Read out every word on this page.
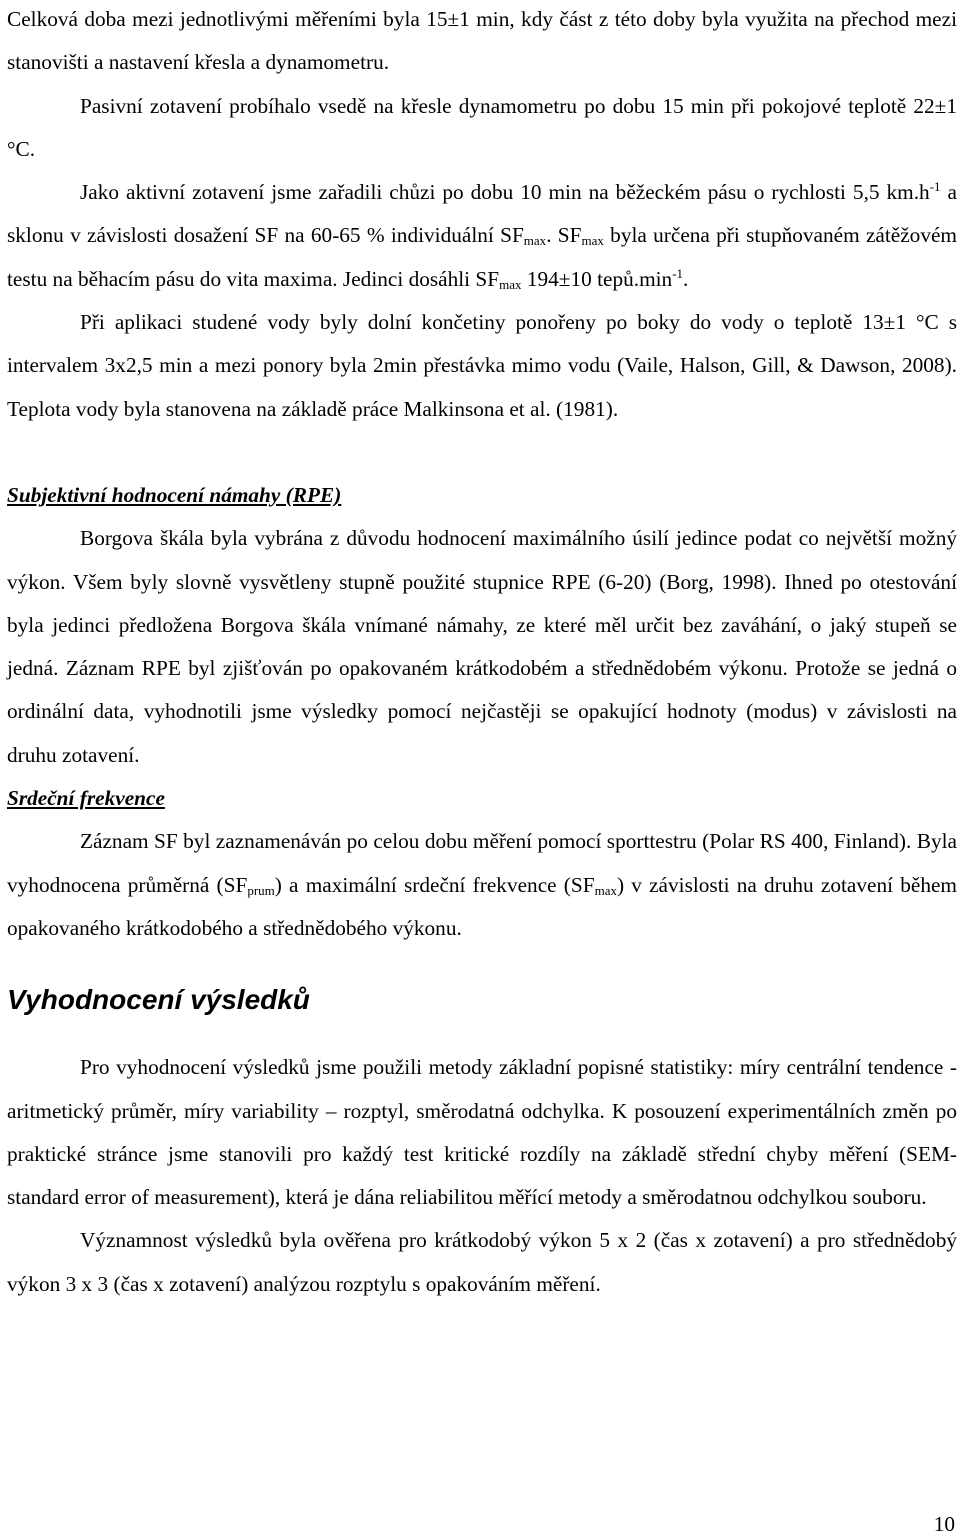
Celková doba mezi jednotlivými měřeními byla 15±1 min, kdy část z této doby byla využita na přechod mezi stanovišti a nastavení křesla a dynamometru.

Pasivní zotavení probíhalo vsedě na křesle dynamometru po dobu 15 min při pokojové teplotě 22±1 °C.

Jako aktivní zotavení jsme zařadili chůzi po dobu 10 min na běžeckém pásu o rychlosti 5,5 $km.h^{-1}$ a sklonu v závislosti dosažení SF na 60-65 % individuální $SF_{max}$. $SF_{max}$ byla určena při stupňovaném zátěžovém testu na běhacím pásu do vita maxima. Jedinci dosáhli $SF_{max}$ 194±10 $tepů.\min^{-1}$.

Při aplikaci studené vody byly dolní končetiny ponořeny po boky do vody o teplotě 13±1 °C s intervalem 3x2,5 min a mezi ponory byla 2min přestávka mimo vodu (Vaile, Halson, Gill, & Dawson, 2008). Teplota vody byla stanovena na základě práce Malkinsona et al. (1981).

Subjektivní hodnocení námahy (RPE)

Borgova škála byla vybrána z důvodu hodnocení maximálního úsilí jedince podat co největší možný výkon. Všem byly slovně vysvětleny stupně použité stupnice RPE (6-20) (Borg, 1998). Ihned po otestování byla jedinci předložena Borgova škála vnímané námahy, ze které měl určit bez zaváhání, o jaký stupeň se jedná. Záznam RPE byl zjišťován po opakovaném krátkodobém a střednědobém výkonu. Protože se jedná o ordinální data, vyhodnotili jsme výsledky pomocí nejčastěji se opakující hodnoty (modus) v závislosti na druhu zotavení.

Srdeční frekvence

Záznam SF byl zaznamenáván po celou dobu měření pomocí sporttestru (Polar RS 400, Finland). Byla vyhodnocena průměrná $(SF_{prum})$ a maximální srdeční frekvence $(SF_{max})$ v závislosti na druhu zotavení během opakovaného krátkodobého a střednědobého výkonu.

Vyhodnocení výsledků

Pro vyhodnocení výsledků jsme použili metody základní popisné statistiky: míry centrální tendence - aritmetický průměr, míry variability – rozptyl, směrodatná odchylka. K posouzení experimentálních změn po praktické stránce jsme stanovili pro každý test kritické rozdíly na základě střední chyby měření (SEM- standard error of measurement), která je dána reliabilitou měřící metody a směrodatnou odchylkou souboru.

Významnost výsledků byla ověřena pro krátkodobý výkon 5 x 2 (čas x zotavení) a pro střednědobý výkon 3 x 3 (čas x zotavení) analýzou rozptylu s opakováním měření.

10
